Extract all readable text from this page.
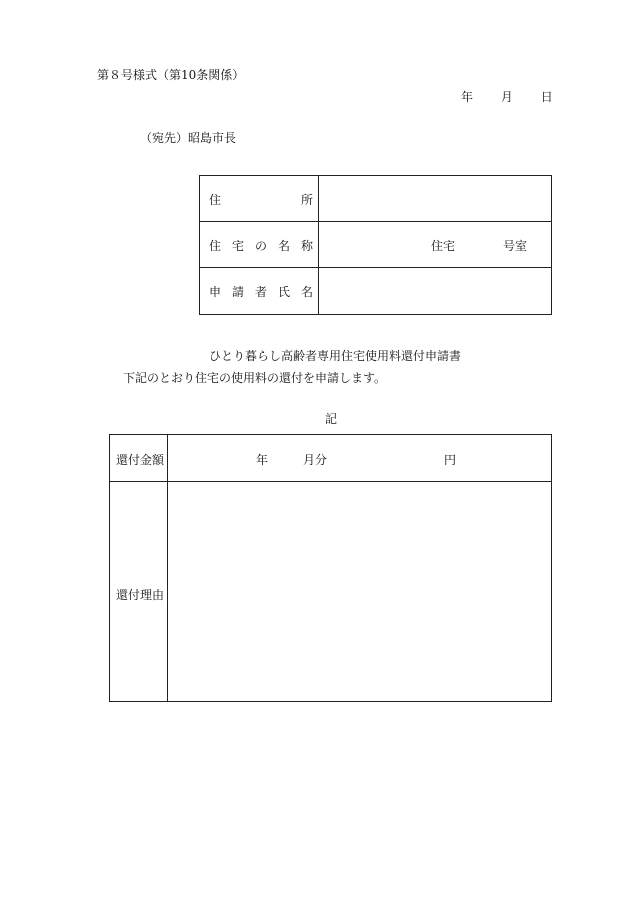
第８号様式（第10条関係）
年 月 日
（宛先）昭島市長
住	所
住 宅 の 名 称	住宅	号室
申 請 者 氏 名
ひとり暮らし高齢者専用住宅使用料還付申請書
下記のとおり住宅の使用料の還付を申請します。
記
還付金額	年	月分	円
還付理由
